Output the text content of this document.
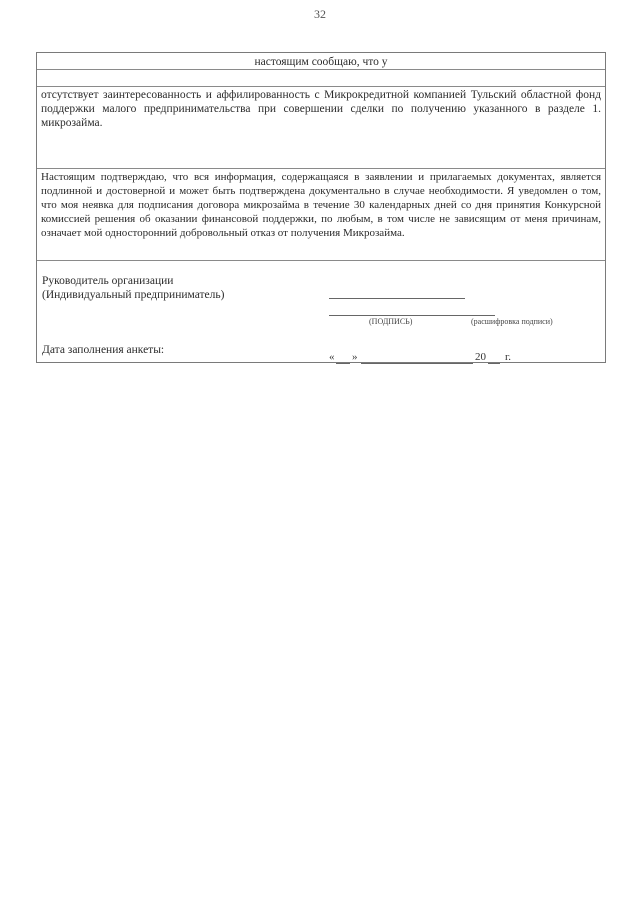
32
настоящим сообщаю, что у
отсутствует заинтересованность и аффилированность с Микрокредитной компанией Тульский областной фонд поддержки малого предпринимательства при совершении сделки по получению указанного в разделе 1. микрозайма.
Настоящим подтверждаю, что вся информация, содержащаяся в заявлении и прилагаемых документах, является подлинной и достоверной и может быть подтверждена документально в случае необходимости. Я уведомлен о том, что моя неявка для подписания договора микрозайма в течение 30 календарных дней со дня принятия Конкурсной комиссией решения об оказании финансовой поддержки, по любым, в том числе не зависящим от меня причинам, означает мой односторонний добровольный отказ от получения Микрозайма.
Руководитель организации
(Индивидуальный предприниматель)
(ПОДПИСЬ)	(расшифровка подписи)
Дата заполнения анкеты:
« »	20 г.
